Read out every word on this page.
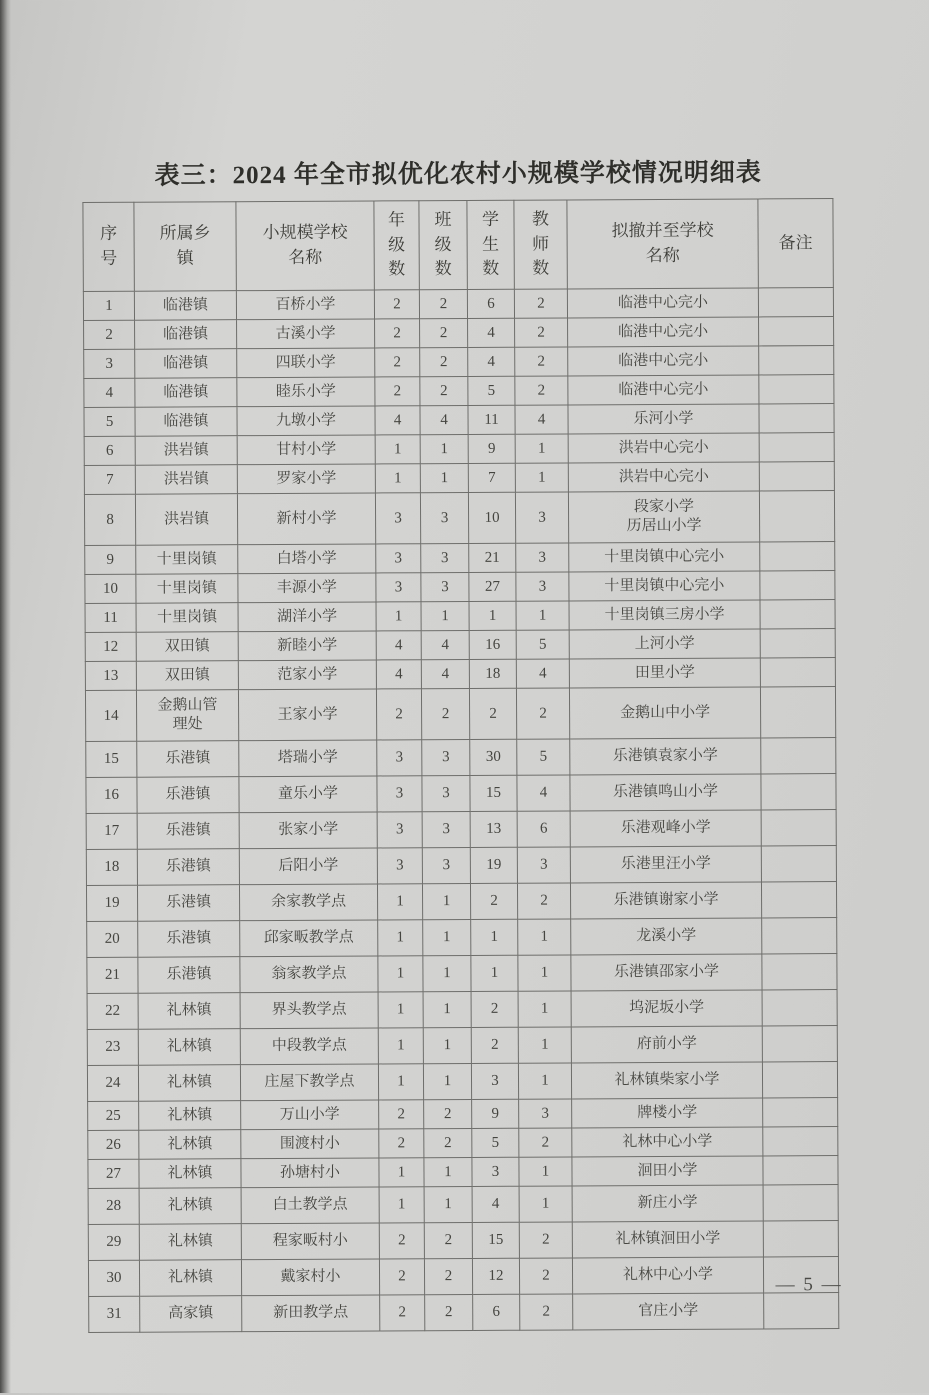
表三：2024 年全市拟优化农村小规模学校情况明细表
序号	所属乡镇	小规模学校名称	年级数	班级数	学生数	教师数	拟撤并至学校名称	备注
1	临港镇	百桥小学	2	2	6	2	临港中心完小	
2	临港镇	古溪小学	2	2	4	2	临港中心完小	
3	临港镇	四联小学	2	2	4	2	临港中心完小	
4	临港镇	睦乐小学	2	2	5	2	临港中心完小	
5	临港镇	九墩小学	4	4	11	4	乐河小学	
6	洪岩镇	甘村小学	1	1	9	1	洪岩中心完小	
7	洪岩镇	罗家小学	1	1	7	1	洪岩中心完小	
8	洪岩镇	新村小学	3	3	10	3	段家小学
历居山小学	
9	十里岗镇	白塔小学	3	3	21	3	十里岗镇中心完小	
10	十里岗镇	丰源小学	3	3	27	3	十里岗镇中心完小	
11	十里岗镇	湖洋小学	1	1	1	1	十里岗镇三房小学	
12	双田镇	新睦小学	4	4	16	5	上河小学	
13	双田镇	范家小学	4	4	18	4	田里小学	
14	金鹅山管
理处	王家小学	2	2	2	2	金鹅山中小学	
15	乐港镇	塔瑞小学	3	3	30	5	乐港镇袁家小学	
16	乐港镇	童乐小学	3	3	15	4	乐港镇鸣山小学	
17	乐港镇	张家小学	3	3	13	6	乐港观峰小学	
18	乐港镇	后阳小学	3	3	19	3	乐港里汪小学	
19	乐港镇	余家教学点	1	1	2	2	乐港镇谢家小学	
20	乐港镇	邱家畈教学点	1	1	1	1	龙溪小学	
21	乐港镇	翁家教学点	1	1	1	1	乐港镇邵家小学	
22	礼林镇	界头教学点	1	1	2	1	坞泥坂小学	
23	礼林镇	中段教学点	1	1	2	1	府前小学	
24	礼林镇	庄屋下教学点	1	1	3	1	礼林镇柴家小学	
25	礼林镇	万山小学	2	2	9	3	牌楼小学	
26	礼林镇	围渡村小	2	2	5	2	礼林中心小学	
27	礼林镇	孙塘村小	1	1	3	1	洄田小学	
28	礼林镇	白土教学点	1	1	4	1	新庄小学	
29	礼林镇	程家畈村小	2	2	15	2	礼林镇洄田小学	
30	礼林镇	戴家村小	2	2	12	2	礼林中心小学	
31	高家镇	新田教学点	2	2	6	2	官庄小学	
— 5 —
